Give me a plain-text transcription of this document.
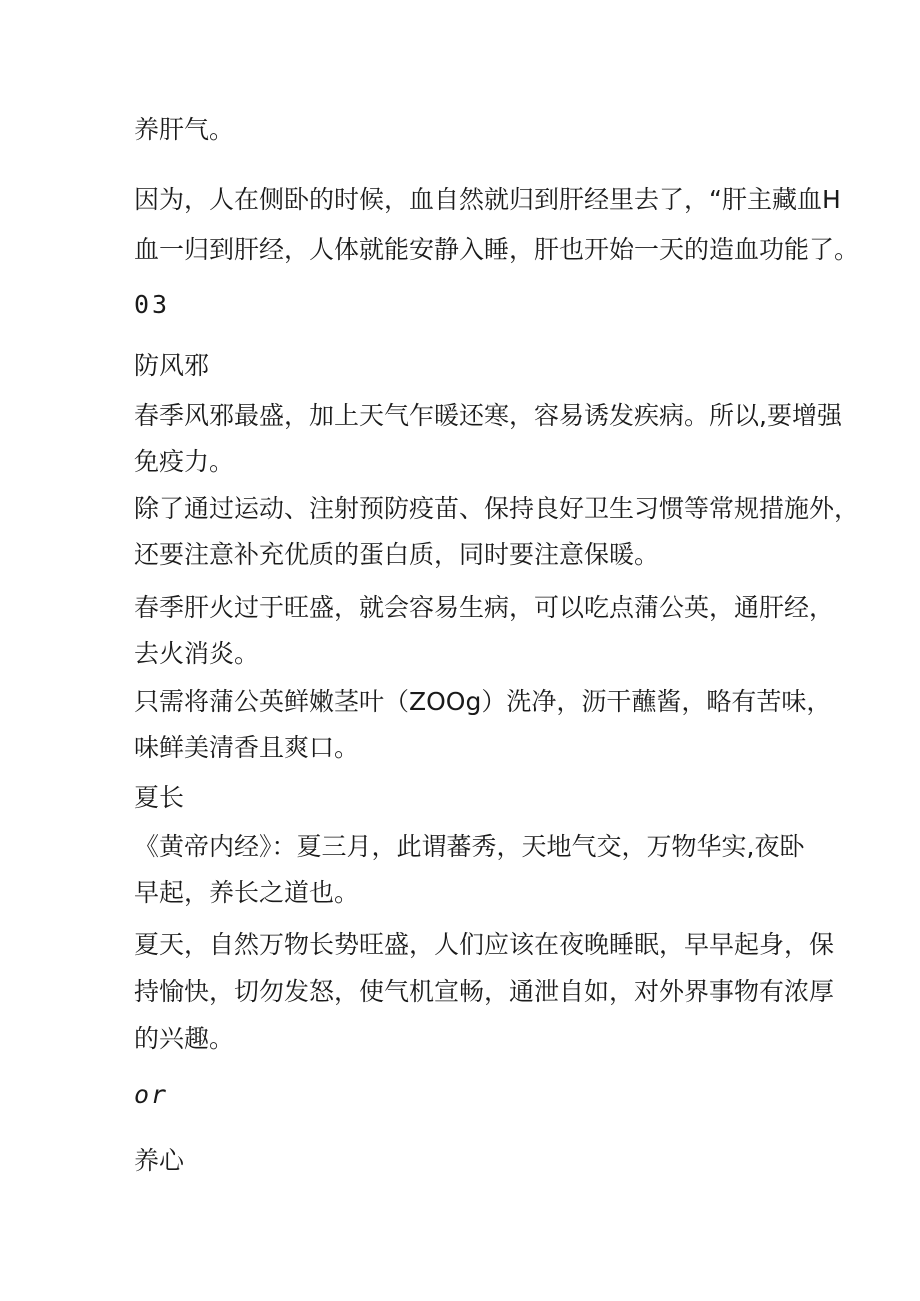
养肝气。
因为，人在侧卧的时候，血自然就归到肝经里去了，“肝主藏血H
血一归到肝经，人体就能安静入睡，肝也开始一天的造血功能了。
03
防风邪
春季风邪最盛，加上天气乍暖还寒，容易诱发疾病。所以,要增强
免疫力。
除了通过运动、注射预防疫苗、保持良好卫生习惯等常规措施外，
还要注意补充优质的蛋白质，同时要注意保暖。
春季肝火过于旺盛，就会容易生病，可以吃点蒲公英，通肝经，
去火消炎。
只需将蒲公英鲜嫩茎叶（ZOOg）洗净，沥干蘸酱，略有苦味，
味鲜美清香且爽口。
夏长
《黄帝内经》：夏三月，此谓蕃秀，天地气交，万物华实,夜卧
早起，养长之道也。
夏天，自然万物长势旺盛，人们应该在夜晚睡眠，早早起身，保
持愉快，切勿发怒，使气机宣畅，通泄自如，对外界事物有浓厚
的兴趣。
or
养心
